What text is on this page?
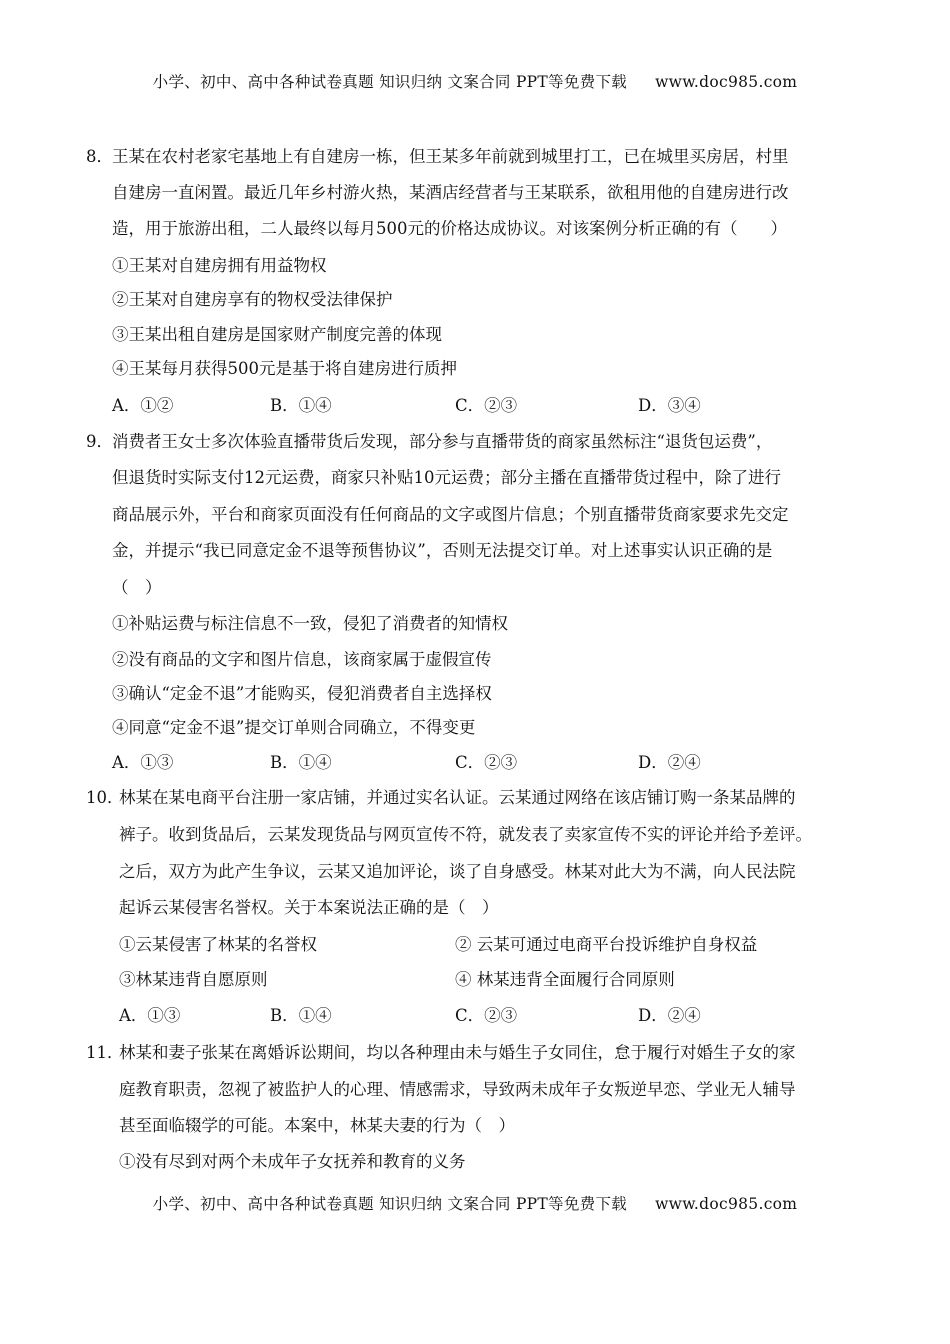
小学、初中、高中各种试卷真题 知识归纳 文案合同 PPT等免费下载 www.doc985.com
8． 王某在农村老家宅基地上有自建房一栋，但王某多年前就到城里打工，已在城里买房居，村里
自建房一直闲置。最近几年乡村游火热，某酒店经营者与王某联系，欲租用他的自建房进行改
造，用于旅游出租，二人最终以每月500元的价格达成协议。对该案例分析正确的有（　　）
①王某对自建房拥有用益物权
②王某对自建房享有的物权受法律保护
③王某出租自建房是国家财产制度完善的体现
④王某每月获得500元是基于将自建房进行质押
A．①②	B．①④	C．②③	D．③④
9． 消费者王女士多次体验直播带货后发现，部分参与直播带货的商家虽然标注“退货包运费”，
但退货时实际支付12元运费，商家只补贴10元运费；部分主播在直播带货过程中，除了进行
商品展示外，平台和商家页面没有任何商品的文字或图片信息；个别直播带货商家要求先交定
金，并提示“我已同意定金不退等预售协议”，否则无法提交订单。对上述事实认识正确的是
（　）
①补贴运费与标注信息不一致，侵犯了消费者的知情权
②没有商品的文字和图片信息，该商家属于虚假宣传
③确认“定金不退”才能购买，侵犯消费者自主选择权
④同意“定金不退”提交订单则合同确立，不得变更
A．①③	B．①④	C．②③	D．②④
10．
林某在某电商平台注册一家店铺，并通过实名认证。云某通过网络在该店铺订购一条某品牌的
裤子。收到货品后，云某发现货品与网页宣传不符，就发表了卖家宣传不实的评论并给予差评。
之后，双方为此产生争议，云某又追加评论，谈了自身感受。林某对此大为不满，向人民法院
起诉云某侵害名誉权。关于本案说法正确的是（　）
①云某侵害了林某的名誉权	② 云某可通过电商平台投诉维护自身权益
③林某违背自愿原则	④ 林某违背全面履行合同原则
A．①③	B．①④	C．②③	D．②④
11．
林某和妻子张某在离婚诉讼期间，均以各种理由未与婚生子女同住，怠于履行对婚生子女的家
庭教育职责，忽视了被监护人的心理、情感需求，导致两未成年子女叛逆早恋、学业无人辅导
甚至面临辍学的可能。本案中，林某夫妻的行为（　）
①没有尽到对两个未成年子女抚养和教育的义务
小学、初中、高中各种试卷真题 知识归纳 文案合同 PPT等免费下载 www.doc985.com
